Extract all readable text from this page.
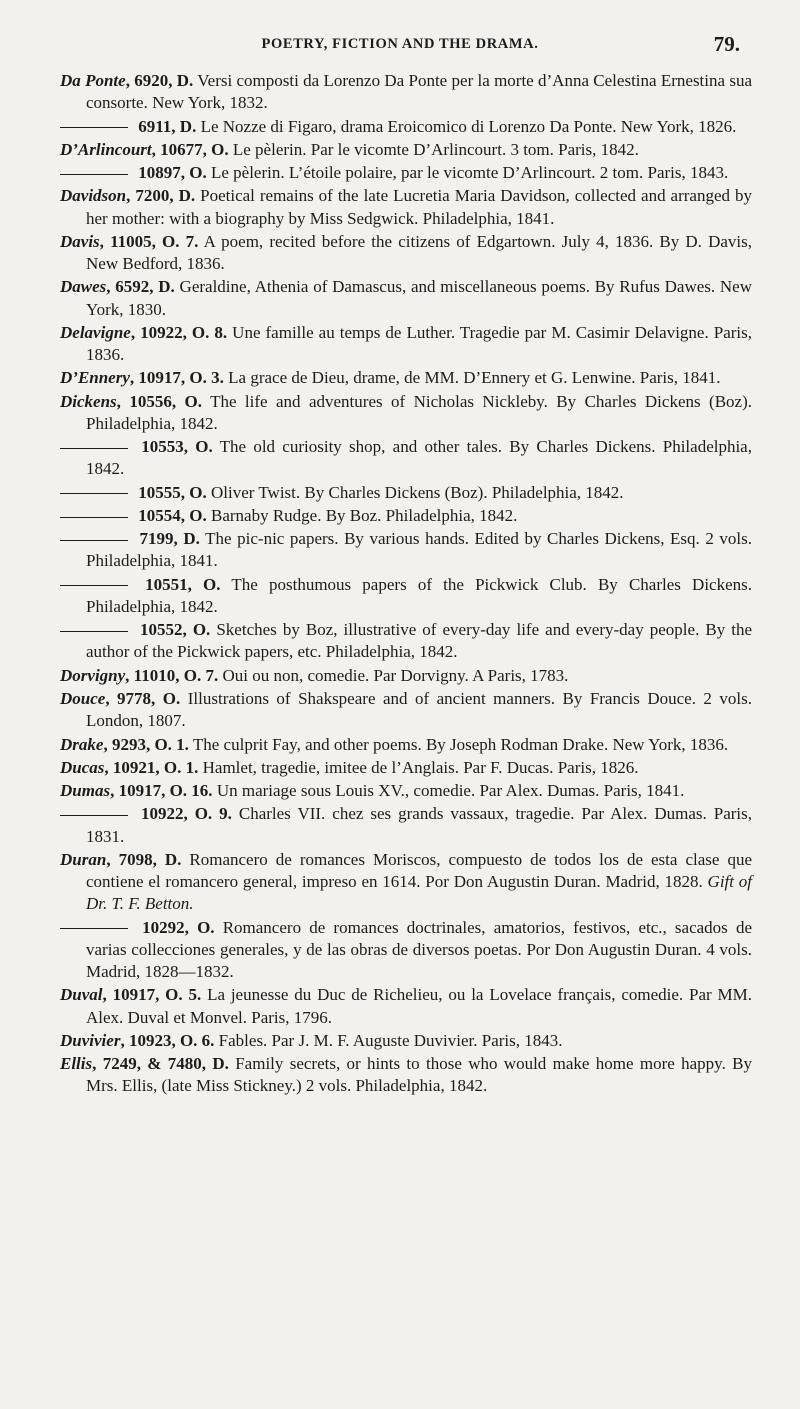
POETRY, FICTION AND THE DRAMA.	79.

Da Ponte, 6920, D. Versi composti da Lorenzo Da Ponte per la morte d’Anna Celestina Ernestina sua consorte. New York, 1832.

6911, D. Le Nozze di Figaro, drama Eroicomico di Lorenzo Da Ponte. New York, 1826.

D’Arlincourt, 10677, O. Le pèlerin. Par le vicomte D’Arlincourt. 3 tom. Paris, 1842.

10897, O. Le pèlerin. L’étoile polaire, par le vicomte D’Arlincourt. 2 tom. Paris, 1843.

Davidson, 7200, D. Poetical remains of the late Lucretia Maria Davidson, collected and arranged by her mother: with a biography by Miss Sedgwick. Philadelphia, 1841.

Davis, 11005, O. 7. A poem, recited before the citizens of Edgartown. July 4, 1836. By D. Davis, New Bedford, 1836.

Dawes, 6592, D. Geraldine, Athenia of Damascus, and miscellaneous poems. By Rufus Dawes. New York, 1830.

Delavigne, 10922, O. 8. Une famille au temps de Luther. Tragedie par M. Casimir Delavigne. Paris, 1836.

D’Ennery, 10917, O. 3. La grace de Dieu, drame, de MM. D’Ennery et G. Lenwine. Paris, 1841.

Dickens, 10556, O. The life and adventures of Nicholas Nickleby. By Charles Dickens (Boz). Philadelphia, 1842.

10553, O. The old curiosity shop, and other tales. By Charles Dickens. Philadelphia, 1842.

10555, O. Oliver Twist. By Charles Dickens (Boz). Philadelphia, 1842.

10554, O. Barnaby Rudge. By Boz. Philadelphia, 1842.

7199, D. The pic-nic papers. By various hands. Edited by Charles Dickens, Esq. 2 vols. Philadelphia, 1841.

10551, O. The posthumous papers of the Pickwick Club. By Charles Dickens. Philadelphia, 1842.

10552, O. Sketches by Boz, illustrative of every-day life and every-day people. By the author of the Pickwick papers, etc. Philadelphia, 1842.

Dorvigny, 11010, O. 7. Oui ou non, comedie. Par Dorvigny. A Paris, 1783.

Douce, 9778, O. Illustrations of Shakspeare and of ancient manners. By Francis Douce. 2 vols. London, 1807.

Drake, 9293, O. 1. The culprit Fay, and other poems. By Joseph Rodman Drake. New York, 1836.

Ducas, 10921, O. 1. Hamlet, tragedie, imitee de l’Anglais. Par F. Ducas. Paris, 1826.

Dumas, 10917, O. 16. Un mariage sous Louis XV., comedie. Par Alex. Dumas. Paris, 1841.

10922, O. 9. Charles VII. chez ses grands vassaux, tragedie. Par Alex. Dumas. Paris, 1831.

Duran, 7098, D. Romancero de romances Moriscos, compuesto de todos los de esta clase que contiene el romancero general, impreso en 1614. Por Don Augustin Duran. Madrid, 1828. Gift of Dr. T. F. Betton.

10292, O. Romancero de romances doctrinales, amatorios, festivos, etc., sacados de varias collecciones generales, y de las obras de diversos poetas. Por Don Augustin Duran. 4 vols. Madrid, 1828—1832.

Duval, 10917, O. 5. La jeunesse du Duc de Richelieu, ou la Lovelace français, comedie. Par MM. Alex. Duval et Monvel. Paris, 1796.

Duvivier, 10923, O. 6. Fables. Par J. M. F. Auguste Duvivier. Paris, 1843.

Ellis, 7249, & 7480, D. Family secrets, or hints to those who would make home more happy. By Mrs. Ellis, (late Miss Stickney.) 2 vols. Philadelphia, 1842.
